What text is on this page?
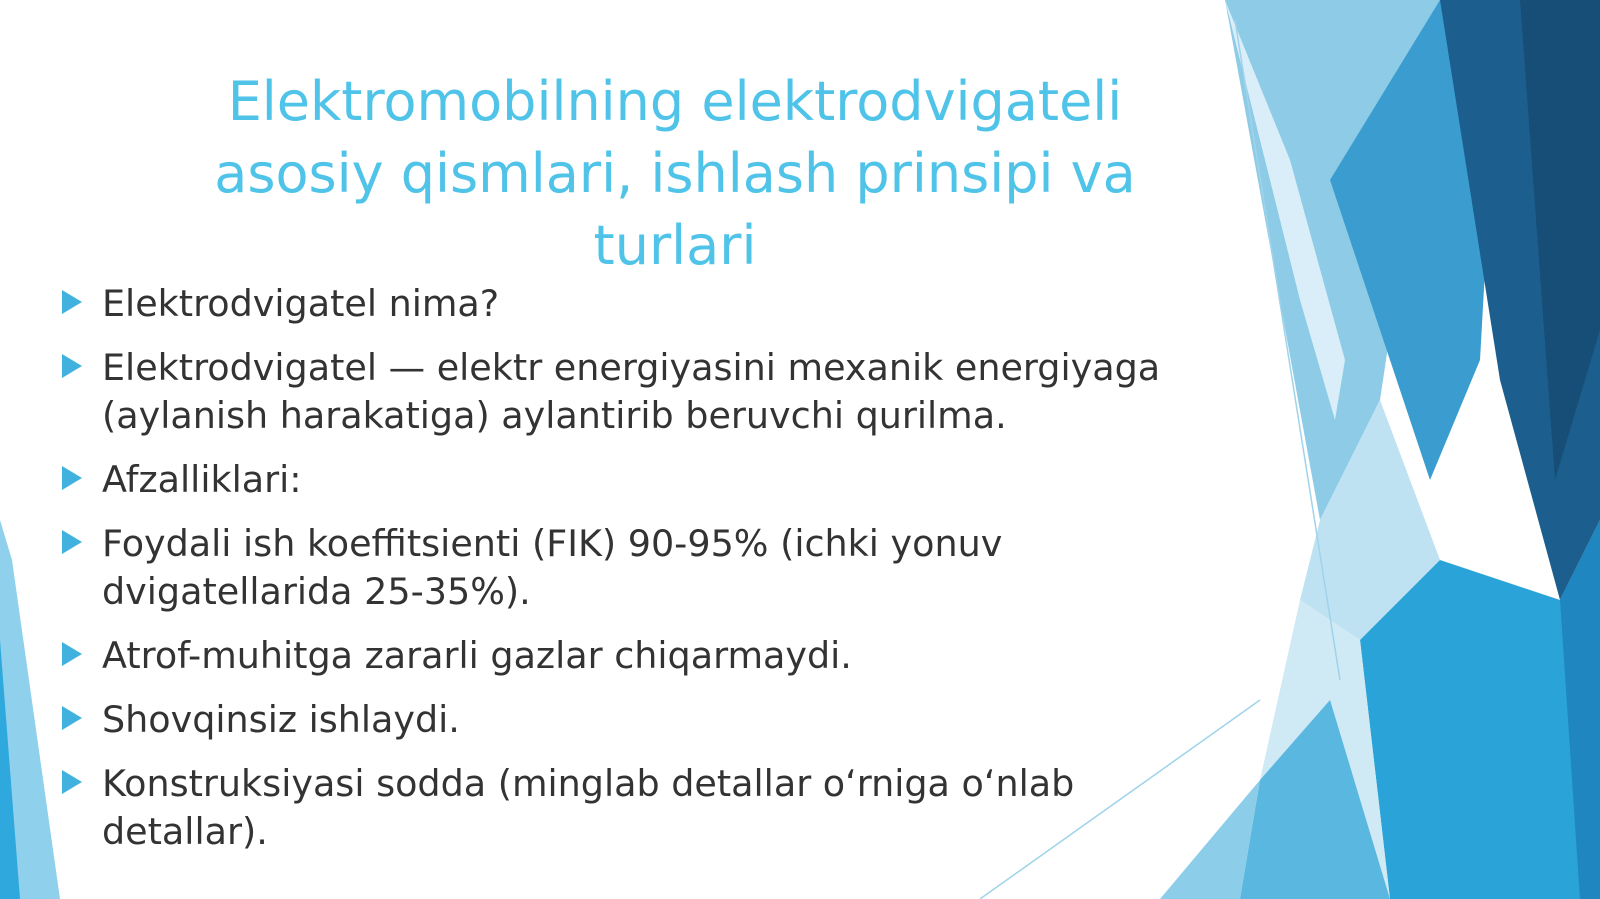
Elektromobilning elektrodvigateli asosiy qismlari, ishlash prinsipi va turlari
Elektrodvigatel nima?
Elektrodvigatel — elektr energiyasini mexanik energiyaga (aylanish harakatiga) aylantirib beruvchi qurilma.
Afzalliklari:
Foydali ish koeffitsienti (FIK) 90-95% (ichki yonuv dvigatellarida 25-35%).
Atrof-muhitga zararli gazlar chiqarmaydi.
Shovqinsiz ishlaydi.
Konstruksiyasi sodda (minglab detallar o‘rniga o‘nlab detallar).
